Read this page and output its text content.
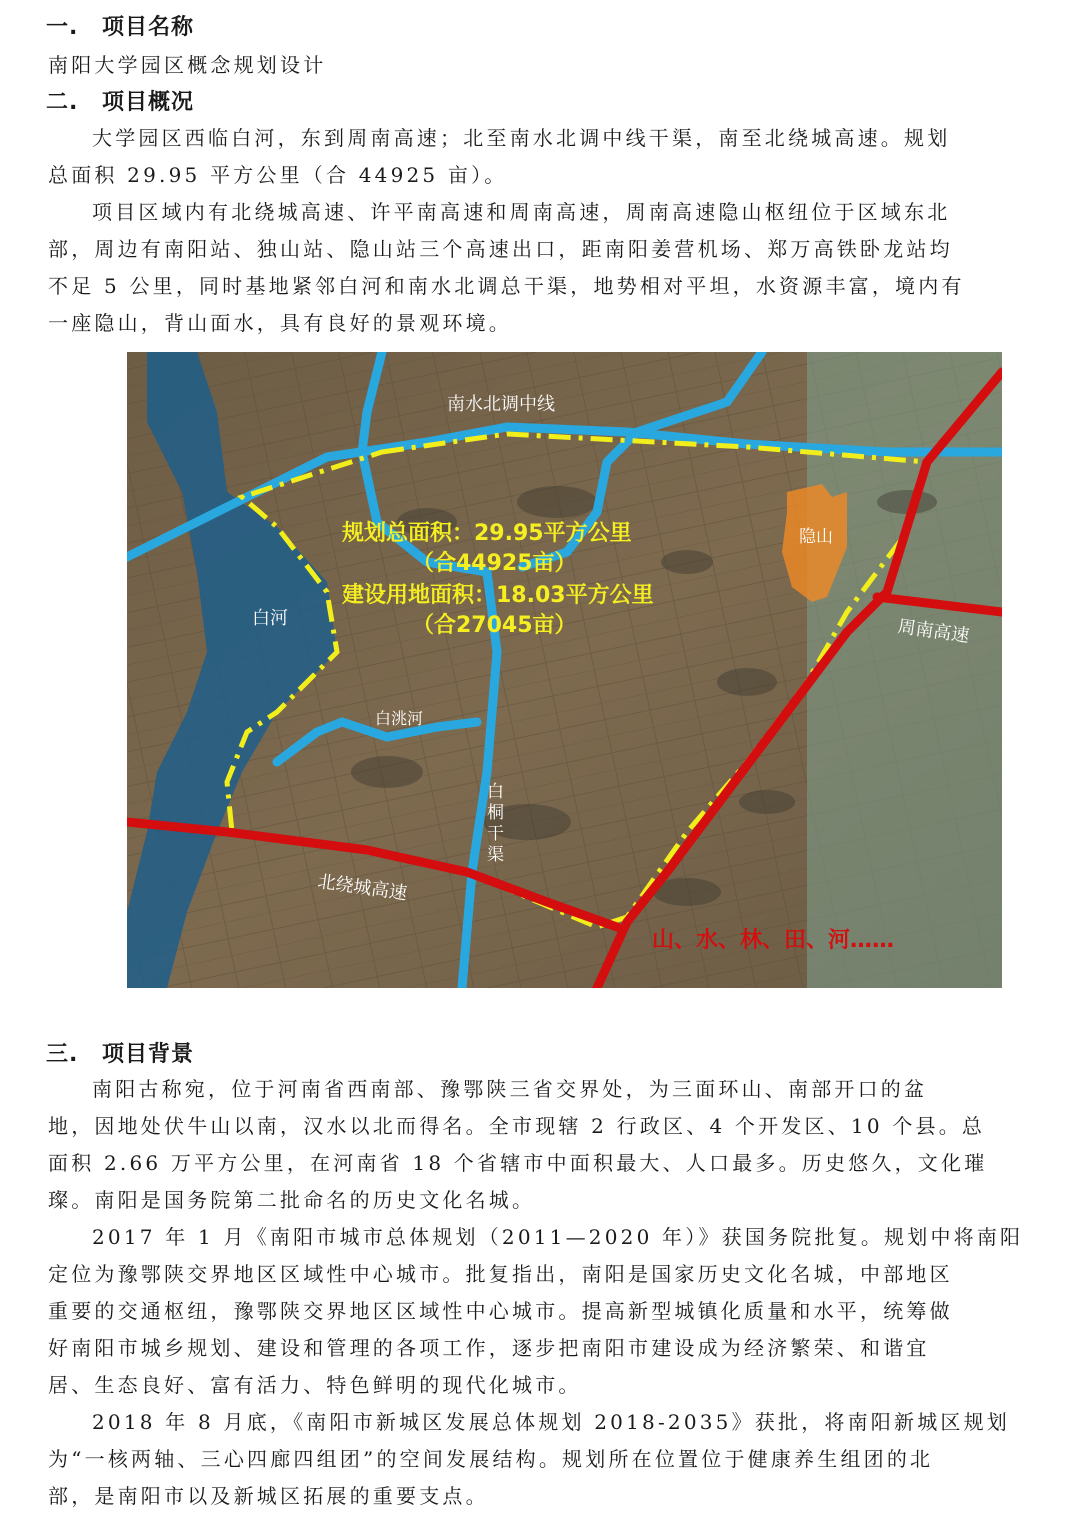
一. 项目名称
南阳大学园区概念规划设计
二. 项目概况
大学园区西临白河，东到周南高速；北至南水北调中线干渠，南至北绕城高速。规划
总面积 29.95 平方公里（合 44925 亩）。
项目区域内有北绕城高速、许平南高速和周南高速，周南高速隐山枢纽位于区域东北
部，周边有南阳站、独山站、隐山站三个高速出口，距南阳姜营机场、郑万高铁卧龙站均
不足 5 公里，同时基地紧邻白河和南水北调总干渠，地势相对平坦，水资源丰富，境内有
一座隐山，背山面水，具有良好的景观环境。
南水北调中线
规划总面积：29.95平方公里
（合44925亩）
建设用地面积：18.03平方公里
（合27045亩）
隐山
白河
白洮河
周南高速
北绕城高速
白
桐
干
渠
山、水、林、田、河……
三. 项目背景
南阳古称宛，位于河南省西南部、豫鄂陕三省交界处，为三面环山、南部开口的盆
地，因地处伏牛山以南，汉水以北而得名。全市现辖 2 行政区、4 个开发区、10 个县。总
面积 2.66 万平方公里，在河南省 18 个省辖市中面积最大、人口最多。历史悠久，文化璀
璨。南阳是国务院第二批命名的历史文化名城。
2017 年 1 月《南阳市城市总体规划（2011—2020 年）》获国务院批复。规划中将南阳
定位为豫鄂陕交界地区区域性中心城市。批复指出，南阳是国家历史文化名城，中部地区
重要的交通枢纽，豫鄂陕交界地区区域性中心城市。提高新型城镇化质量和水平，统筹做
好南阳市城乡规划、建设和管理的各项工作，逐步把南阳市建设成为经济繁荣、和谐宜
居、生态良好、富有活力、特色鲜明的现代化城市。
2018 年 8 月底，《南阳市新城区发展总体规划 2018-2035》获批，将南阳新城区规划
为“一核两轴、三心四廊四组团”的空间发展结构。规划所在位置位于健康养生组团的北
部，是南阳市以及新城区拓展的重要支点。
